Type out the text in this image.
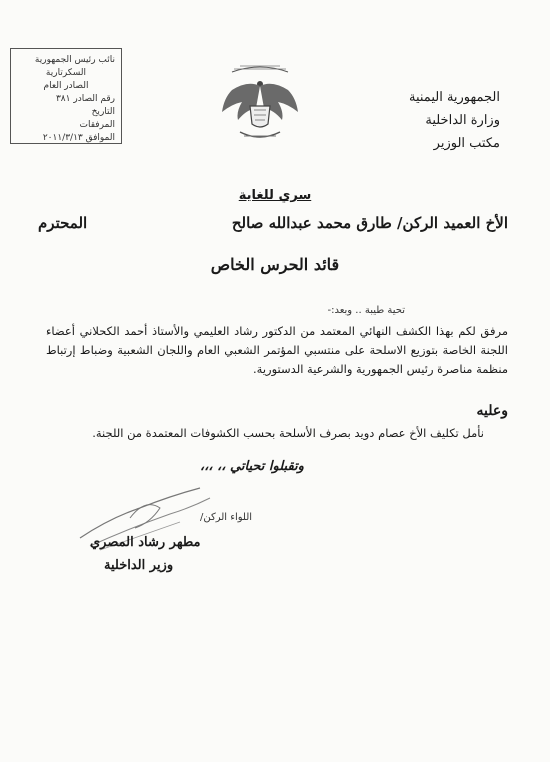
نائب رئيس الجمهورية
السكرتارية
الصادر العام
رقم الصادر ٣٨١
التاريخ
المرفقات
الموافق ٢٠١١/٣/١٣
الجمهورية اليمنية
وزارة الداخلية
مكتب الوزير
سري للغاية
الأخ العميد الركن/ طارق محمد عبدالله صالح
المحترم
قائد الحرس الخاص
تحية طيبة .. وبعد:-
مرفق لكم بهذا الكشف النهائي المعتمد من الدكتور رشاد العليمي والأستاذ أحمد الكحلاني أعضاء اللجنة الخاصة بتوزيع الاسلحة على منتسبي المؤتمر الشعبي العام واللجان الشعبية وضباط إرتباط منظمة مناصرة رئيس الجمهورية والشرعية الدستورية.
وعليه
نأمل تكليف الأخ عصام دويد بصرف الأسلحة بحسب الكشوفات المعتمدة من اللجنة.
وتقبلوا تحياتي ،، ،،،
اللواء الركن/
مطهر رشاد المصري
وزير الداخلية
